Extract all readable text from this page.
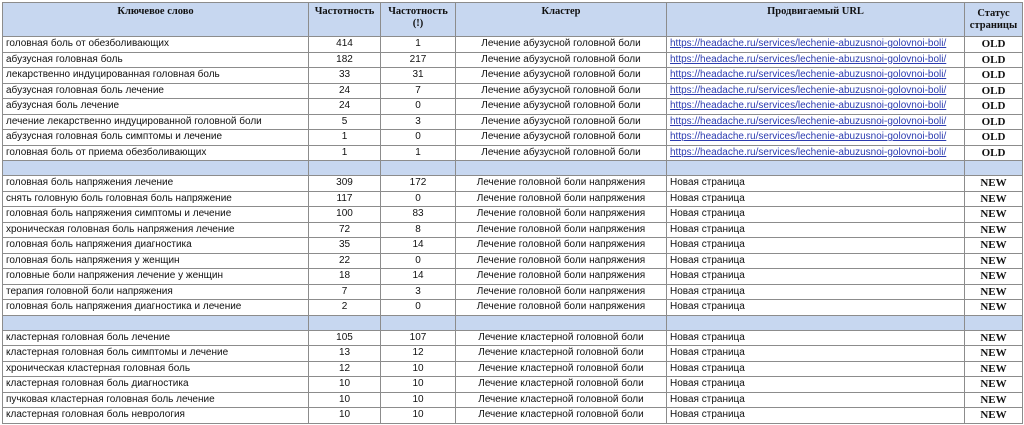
Ключевое слово	Частотность	Частотность (!)	Кластер	Продвигаемый URL	Статус страницы
головная боль от обезболивающих	414	1	Лечение абузусной головной боли	https://headache.ru/services/lechenie-abuzusnoi-golovnoi-boli/	OLD
абузусная головная боль	182	217	Лечение абузусной головной боли	https://headache.ru/services/lechenie-abuzusnoi-golovnoi-boli/	OLD
лекарственно индуцированная головная боль	33	31	Лечение абузусной головной боли	https://headache.ru/services/lechenie-abuzusnoi-golovnoi-boli/	OLD
абузусная головная боль лечение	24	7	Лечение абузусной головной боли	https://headache.ru/services/lechenie-abuzusnoi-golovnoi-boli/	OLD
абузусная боль лечение	24	0	Лечение абузусной головной боли	https://headache.ru/services/lechenie-abuzusnoi-golovnoi-boli/	OLD
лечение лекарственно индуцированной головной боли	5	3	Лечение абузусной головной боли	https://headache.ru/services/lechenie-abuzusnoi-golovnoi-boli/	OLD
абузусная головная боль симптомы и лечение	1	0	Лечение абузусной головной боли	https://headache.ru/services/lechenie-abuzusnoi-golovnoi-boli/	OLD
головная боль от приема обезболивающих	1	1	Лечение абузусной головной боли	https://headache.ru/services/lechenie-abuzusnoi-golovnoi-boli/	OLD

головная боль напряжения лечение	309	172	Лечение головной боли напряжения	Новая страница	NEW
снять головную боль головная боль напряжение	117	0	Лечение головной боли напряжения	Новая страница	NEW
головная боль напряжения симптомы и лечение	100	83	Лечение головной боли напряжения	Новая страница	NEW
хроническая головная боль напряжения лечение	72	8	Лечение головной боли напряжения	Новая страница	NEW
головная боль напряжения диагностика	35	14	Лечение головной боли напряжения	Новая страница	NEW
головная боль напряжения у женщин	22	0	Лечение головной боли напряжения	Новая страница	NEW
головные боли напряжения лечение у женщин	18	14	Лечение головной боли напряжения	Новая страница	NEW
терапия головной боли напряжения	7	3	Лечение головной боли напряжения	Новая страница	NEW
головная боль напряжения диагностика и лечение	2	0	Лечение головной боли напряжения	Новая страница	NEW

кластерная головная боль лечение	105	107	Лечение кластерной головной боли	Новая страница	NEW
кластерная головная боль симптомы и лечение	13	12	Лечение кластерной головной боли	Новая страница	NEW
хроническая кластерная головная боль	12	10	Лечение кластерной головной боли	Новая страница	NEW
кластерная головная боль диагностика	10	10	Лечение кластерной головной боли	Новая страница	NEW
пучковая кластерная головная боль лечение	10	10	Лечение кластерной головной боли	Новая страница	NEW
кластерная головная боль неврология	10	10	Лечение кластерной головной боли	Новая страница	NEW
